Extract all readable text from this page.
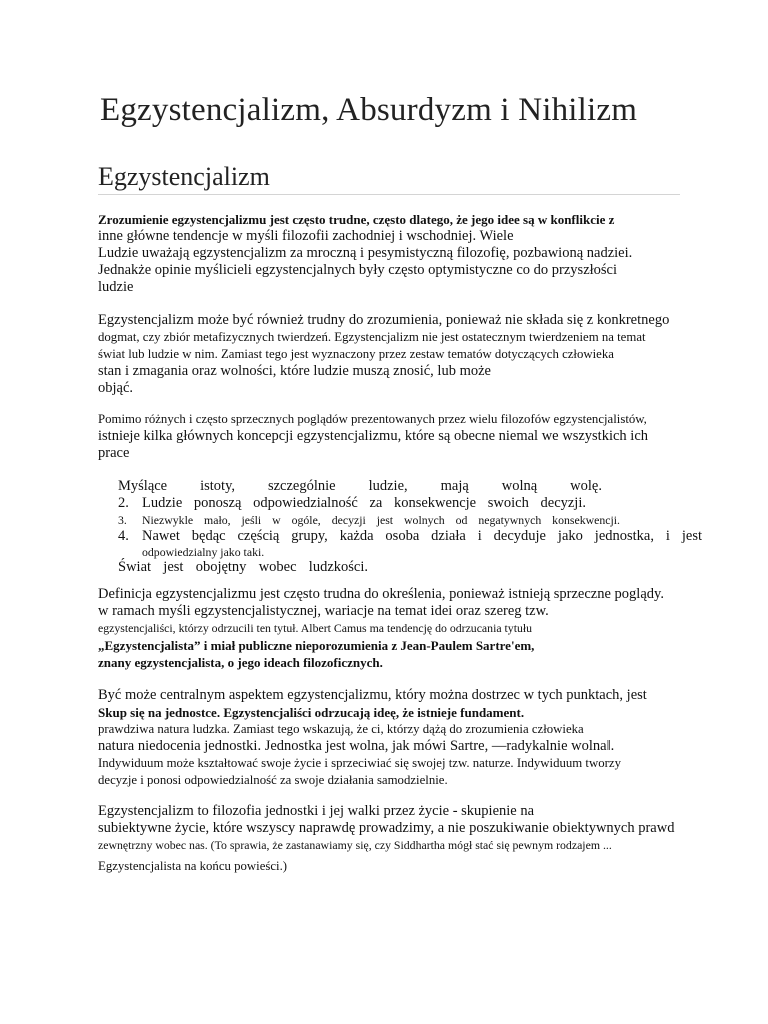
Egzystencjalizm, Absurdyzm i Nihilizm
Egzystencjalizm
Zrozumienie egzystencjalizmu jest często trudne, często dlatego, że jego idee są w konflikcie z
inne główne tendencje w myśli filozofii zachodniej i wschodniej. Wiele
Ludzie uważają egzystencjalizm za mroczną i pesymistyczną filozofię, pozbawioną nadziei.
Jednakże opinie myślicieli egzystencjalnych były często optymistyczne co do przyszłości
ludzie
Egzystencjalizm może być również trudny do zrozumienia, ponieważ nie składa się z konkretnego
dogmat, czy zbiór metafizycznych twierdzeń. Egzystencjalizm nie jest ostatecznym twierdzeniem na temat
świat lub ludzie w nim. Zamiast tego jest wyznaczony przez zestaw tematów dotyczących człowieka
stan i zmagania oraz wolności, które ludzie muszą znosić, lub może
objąć.
Pomimo różnych i często sprzecznych poglądów prezentowanych przez wielu filozofów egzystencjalistów,
istnieje kilka głównych koncepcji egzystencjalizmu, które są obecne niemal we wszystkich ich
prace
Myślące istoty, szczególnie ludzie, mają wolną wolę.
2. Ludzie ponoszą odpowiedzialność za konsekwencje swoich decyzji.
3.	Niezwykle mało, jeśli w ogóle, decyzji jest wolnych od negatywnych konsekwencji.
4. Nawet będąc częścią grupy, każda osoba działa i decyduje jako jednostka, i jest
odpowiedzialny jako taki.
Świat jest obojętny wobec ludzkości.
Definicja egzystencjalizmu jest często trudna do określenia, ponieważ istnieją sprzeczne poglądy.
w ramach myśli egzystencjalistycznej, wariacje na temat idei oraz szereg tzw.
egzystencjaliści, którzy odrzucili ten tytuł. Albert Camus ma tendencję do odrzucania tytułu
„Egzystencjalista” i miał publiczne nieporozumienia z Jean-Paulem Sartre'em,
znany egzystencjalista, o jego ideach filozoficznych.
Być może centralnym aspektem egzystencjalizmu, który można dostrzec w tych punktach, jest
Skup się na jednostce. Egzystencjaliści odrzucają ideę, że istnieje fundament.
prawdziwa natura ludzka. Zamiast tego wskazują, że ci, którzy dążą do zrozumienia człowieka
natura niedocenia jednostki. Jednostka jest wolna, jak mówi Sartre, ―radykalnie wolna‖.
Indywiduum może kształtować swoje życie i sprzeciwiać się swojej tzw. naturze. Indywiduum tworzy
decyzje i ponosi odpowiedzialność za swoje działania samodzielnie.
Egzystencjalizm to filozofia jednostki i jej walki przez życie - skupienie na
subiektywne życie, które wszyscy naprawdę prowadzimy, a nie poszukiwanie obiektywnych prawd
zewnętrzny wobec nas. (To sprawia, że zastanawiamy się, czy Siddhartha mógł stać się pewnym rodzajem ...
Egzystencjalista na końcu powieści.)
